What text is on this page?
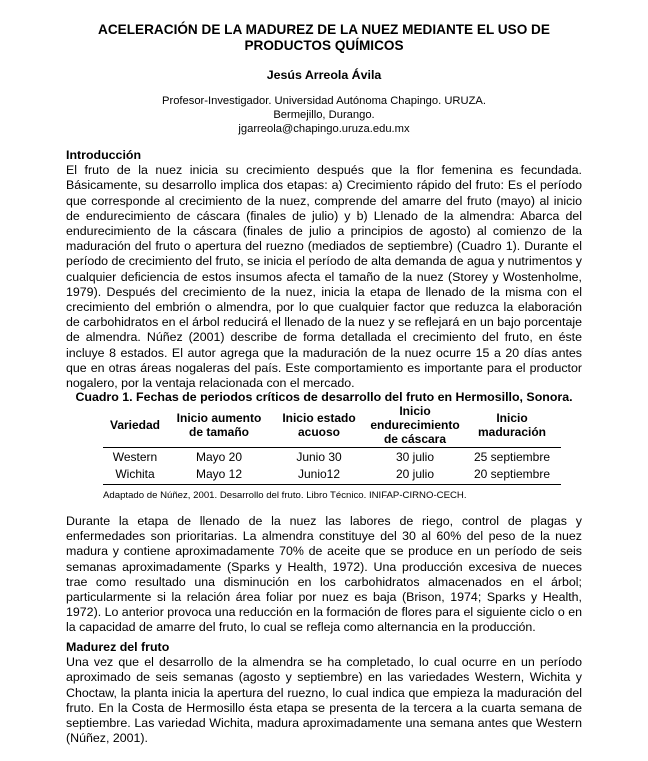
ACELERACIÓN DE LA MADUREZ DE LA NUEZ MEDIANTE EL USO DE PRODUCTOS QUÍMICOS
Jesús Arreola Ávila
Profesor-Investigador. Universidad Autónoma Chapingo. URUZA.
Bermejillo, Durango.
jgarreola@chapingo.uruza.edu.mx
Introducción
El fruto de la nuez inicia su crecimiento después que la flor femenina es fecundada. Básicamente, su desarrollo implica dos etapas: a) Crecimiento rápido del fruto: Es el período que corresponde al crecimiento de la nuez, comprende del amarre del fruto (mayo) al inicio de endurecimiento de cáscara (finales de julio) y b) Llenado de la almendra: Abarca del endurecimiento de la cáscara (finales de julio a principios de agosto) al comienzo de la maduración del fruto o apertura del ruezno (mediados de septiembre) (Cuadro 1). Durante el período de crecimiento del fruto, se inicia el período de alta demanda de agua y nutrimentos y cualquier deficiencia de estos insumos afecta el tamaño de la nuez (Storey y Wostenholme, 1979). Después del crecimiento de la nuez, inicia la etapa de llenado de la misma con el crecimiento del embrión o almendra, por lo que cualquier factor que reduzca la elaboración de carbohidratos en el árbol reducirá el llenado de la nuez y se reflejará en un bajo porcentaje de almendra. Núñez (2001) describe de forma detallada el crecimiento del fruto, en éste incluye 8 estados. El autor agrega que la maduración de la nuez ocurre 15 a 20 días antes que en otras áreas nogaleras del país. Este comportamiento es importante para el productor nogalero, por la ventaja relacionada con el mercado.
Cuadro 1. Fechas de periodos críticos de desarrollo del fruto en Hermosillo, Sonora.
Variedad	Inicio aumento de tamaño	Inicio estado acuoso	Inicio endurecimiento de cáscara	Inicio maduración
Western	Mayo 20	Junio 30	30 julio	25 septiembre
Wichita	Mayo 12	Junio12	20 julio	20 septiembre
Adaptado de Núñez, 2001. Desarrollo del fruto. Libro Técnico. INIFAP-CIRNO-CECH.
Durante la etapa de llenado de la nuez las labores de riego, control de plagas y enfermedades son prioritarias. La almendra constituye del 30 al 60% del peso de la nuez madura y contiene aproximadamente 70% de aceite que se produce en un período de seis semanas aproximadamente (Sparks y Health, 1972). Una producción excesiva de nueces trae como resultado una disminución en los carbohidratos almacenados en el árbol; particularmente si la relación área foliar por nuez es baja (Brison, 1974; Sparks y Health, 1972). Lo anterior provoca una reducción en la formación de flores para el siguiente ciclo o en la capacidad de amarre del fruto, lo cual se refleja como alternancia en la producción.
Madurez del fruto
Una vez que el desarrollo de la almendra se ha completado, lo cual ocurre en un período aproximado de seis semanas (agosto y septiembre) en las variedades Western, Wichita y Choctaw, la planta inicia la apertura del ruezno, lo cual indica que empieza la maduración del fruto. En la Costa de Hermosillo ésta etapa se presenta de la tercera a la cuarta semana de septiembre. Las variedad Wichita, madura aproximadamente una semana antes que Western (Núñez, 2001).
